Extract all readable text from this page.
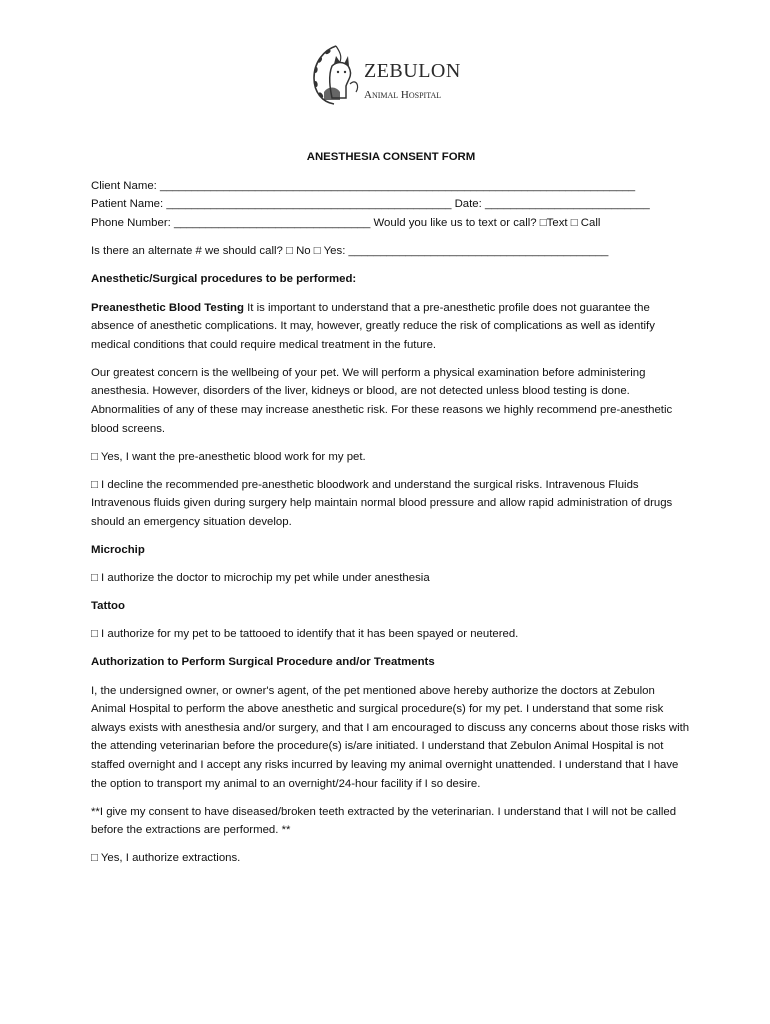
ZEBULON
Animal Hospital
ANESTHESIA CONSENT FORM
Client Name: ___________________________________________________________________________
Patient Name: _____________________________________________ Date: __________________________
Phone Number: _______________________________ Would you like us to text or call? □Text □ Call
Is there an alternate # we should call? □ No □ Yes: _________________________________________
Anesthetic/Surgical procedures to be performed:
Preanesthetic Blood Testing It is important to understand that a pre-anesthetic profile does not guarantee the absence of anesthetic complications. It may, however, greatly reduce the risk of complications as well as identify medical conditions that could require medical treatment in the future.
Our greatest concern is the wellbeing of your pet. We will perform a physical examination before administering anesthesia. However, disorders of the liver, kidneys or blood, are not detected unless blood testing is done. Abnormalities of any of these may increase anesthetic risk. For these reasons we highly recommend pre-anesthetic blood screens.
□ Yes, I want the pre-anesthetic blood work for my pet.
□ I decline the recommended pre-anesthetic bloodwork and understand the surgical risks. Intravenous Fluids Intravenous fluids given during surgery help maintain normal blood pressure and allow rapid administration of drugs should an emergency situation develop.
Microchip
□ I authorize the doctor to microchip my pet while under anesthesia
Tattoo
□ I authorize for my pet to be tattooed to identify that it has been spayed or neutered.
Authorization to Perform Surgical Procedure and/or Treatments
I, the undersigned owner, or owner's agent, of the pet mentioned above hereby authorize the doctors at Zebulon Animal Hospital to perform the above anesthetic and surgical procedure(s) for my pet. I understand that some risk always exists with anesthesia and/or surgery, and that I am encouraged to discuss any concerns about those risks with the attending veterinarian before the procedure(s) is/are initiated. I understand that Zebulon Animal Hospital is not staffed overnight and I accept any risks incurred by leaving my animal overnight unattended. I understand that I have the option to transport my animal to an overnight/24-hour facility if I so desire.
**I give my consent to have diseased/broken teeth extracted by the veterinarian. I understand that I will not be called before the extractions are performed. **
□ Yes, I authorize extractions.
